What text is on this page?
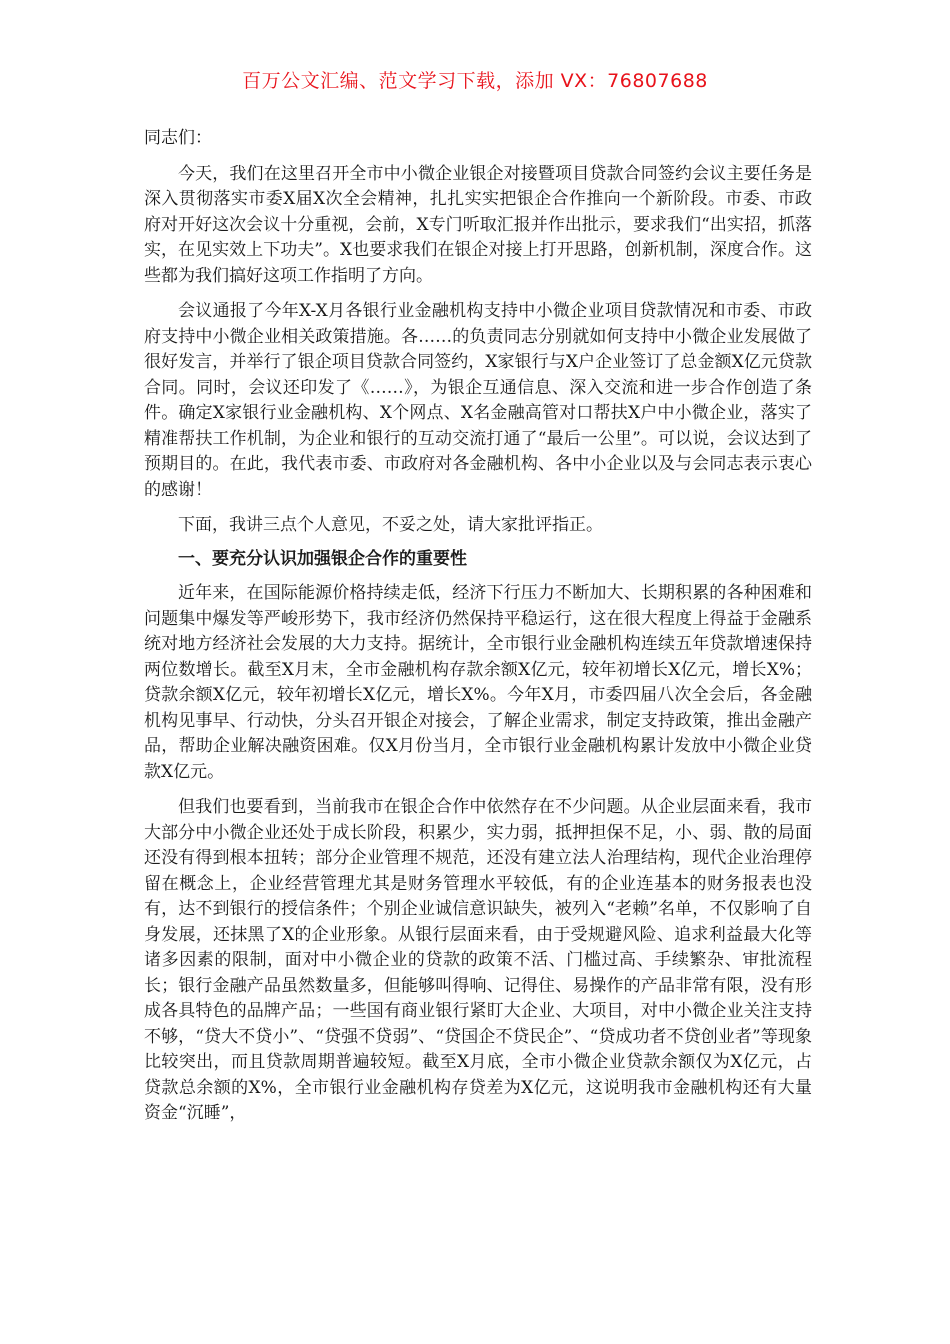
百万公文汇编、范文学习下载，添加 VX：76807688

同志们：

今天，我们在这里召开全市中小微企业银企对接暨项目贷款合同签约会议主要任务是深入贯彻落实市委X届X次全会精神，扎扎实实把银企合作推向一个新阶段。市委、市政府对开好这次会议十分重视，会前，X专门听取汇报并作出批示，要求我们“出实招，抓落实，在见实效上下功夫”。X也要求我们在银企对接上打开思路，创新机制，深度合作。这些都为我们搞好这项工作指明了方向。

会议通报了今年X-X月各银行业金融机构支持中小微企业项目贷款情况和市委、市政府支持中小微企业相关政策措施。各……的负责同志分别就如何支持中小微企业发展做了很好发言，并举行了银企项目贷款合同签约，X家银行与X户企业签订了总金额X亿元贷款合同。同时，会议还印发了《……》，为银企互通信息、深入交流和进一步合作创造了条件。确定X家银行业金融机构、X个网点、X名金融高管对口帮扶X户中小微企业，落实了精准帮扶工作机制，为企业和银行的互动交流打通了“最后一公里”。可以说，会议达到了预期目的。在此，我代表市委、市政府对各金融机构、各中小企业以及与会同志表示衷心的感谢！

下面，我讲三点个人意见，不妥之处，请大家批评指正。

一、要充分认识加强银企合作的重要性

近年来，在国际能源价格持续走低，经济下行压力不断加大、长期积累的各种困难和问题集中爆发等严峻形势下，我市经济仍然保持平稳运行，这在很大程度上得益于金融系统对地方经济社会发展的大力支持。据统计，全市银行业金融机构连续五年贷款增速保持两位数增长。截至X月末，全市金融机构存款余额X亿元，较年初增长X亿元，增长X%；贷款余额X亿元，较年初增长X亿元，增长X%。今年X月，市委四届八次全会后，各金融机构见事早、行动快，分头召开银企对接会，了解企业需求，制定支持政策，推出金融产品，帮助企业解决融资困难。仅X月份当月，全市银行业金融机构累计发放中小微企业贷款X亿元。

但我们也要看到，当前我市在银企合作中依然存在不少问题。从企业层面来看，我市大部分中小微企业还处于成长阶段，积累少，实力弱，抵押担保不足，小、弱、散的局面还没有得到根本扭转；部分企业管理不规范，还没有建立法人治理结构，现代企业治理停留在概念上，企业经营管理尤其是财务管理水平较低，有的企业连基本的财务报表也没有，达不到银行的授信条件；个别企业诚信意识缺失，被列入“老赖”名单，不仅影响了自身发展，还抹黑了X的企业形象。从银行层面来看，由于受规避风险、追求利益最大化等诸多因素的限制，面对中小微企业的贷款的政策不活、门槛过高、手续繁杂、审批流程长；银行金融产品虽然数量多，但能够叫得响、记得住、易操作的产品非常有限，没有形成各具特色的品牌产品；一些国有商业银行紧盯大企业、大项目，对中小微企业关注支持不够，“贷大不贷小”、“贷强不贷弱”、“贷国企不贷民企”、“贷成功者不贷创业者”等现象比较突出，而且贷款周期普遍较短。截至X月底，全市小微企业贷款余额仅为X亿元，占贷款总余额的X%，全市银行业金融机构存贷差为X亿元，这说明我市金融机构还有大量资金“沉睡”，
